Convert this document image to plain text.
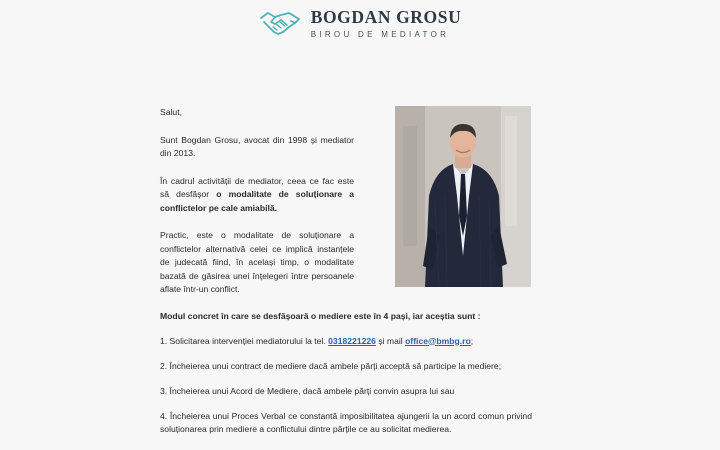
BOGDAN GROSU
BIROU DE MEDIATOR

Salut,

Sunt Bogdan Grosu, avocat din 1998 și mediator din 2013.

În cadrul activității de mediator, ceea ce fac este să desfășor o modalitate de soluționare a conflictelor pe cale amiabilă.

Practic, este o modalitate de soluționare a conflictelor alternativă celei ce implică instanțele de judecată fiind, în același timp, o modalitate bazată de găsirea unei înțelegeri între persoanele aflate într-un conflict.

Modul concret în care se desfășoară o mediere este în 4 pași, iar aceștia sunt :

1. Solicitarea intervenției mediatorului la tel. 0318221226 și mail office@bmbg.ro;

2. Încheierea unui contract de mediere dacă ambele părți acceptă să participe la mediere;

3. Încheierea unui Acord de Mediere, dacă ambele părți convin asupra lui sau

4. Încheierea unui Proces Verbal ce constantă imposibilitatea ajungerii la un acord comun privind soluționarea prin mediere a conflictului dintre părțile ce au solicitat medierea.
